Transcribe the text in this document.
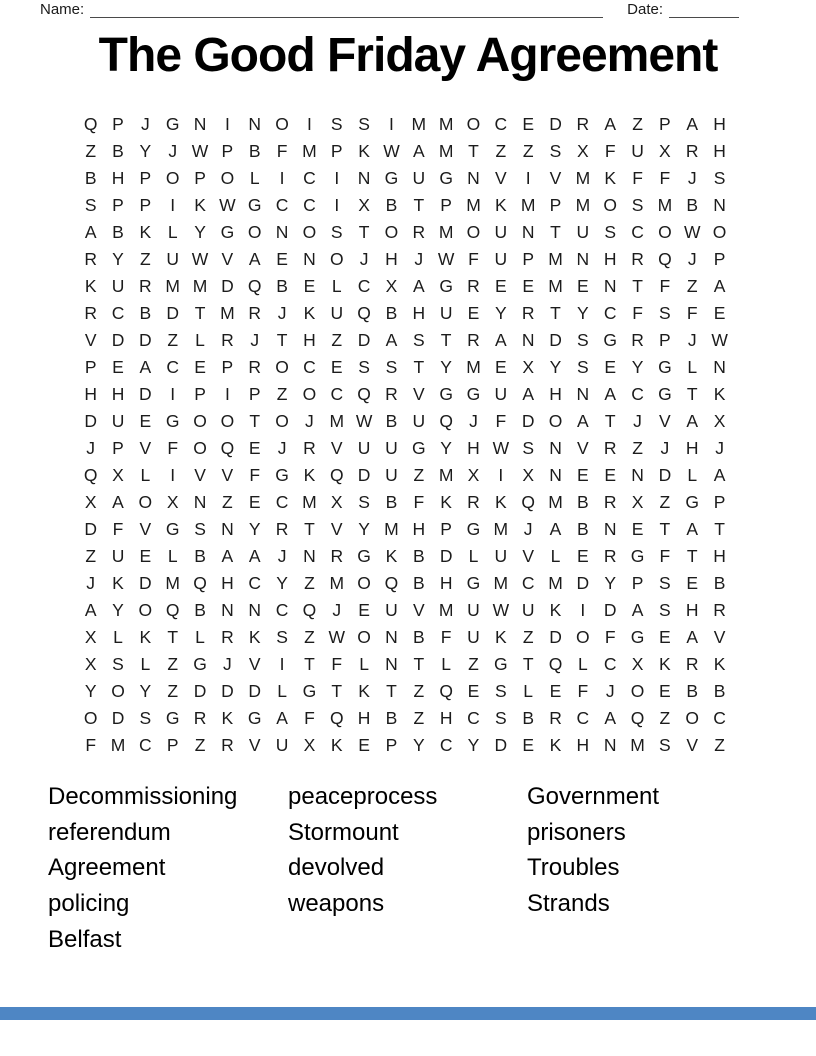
Name:	Date:
The Good Friday Agreement
Q P J G N	I	N O	I	S S	I	M M O C E D R A Z P A H
Z B Y J W P B F M P K W A M T Z Z S X F U X R H
B H P O P O L	I	C	I	N G U G N V	I	V M K F F	J S
S P P	I	K W G C C	I	X B T P M K M P M O S M B N
A B K L Y G O N O S T O R M O U N T U S C O W O
R Y Z U W V A E N O J H J W F U P M N H R Q J P
K U R M M D Q B E L C X A G R E E M E N T F Z A
R C B D T M R J K U Q B H U E Y R T Y C F S F E
V D D Z L R J	T H Z D A S T R A N D S G R P J W
P E A C E P R O C E S S T Y M E X Y S E Y G L N
H H D	I	P	I	P Z O C Q R V G G U A H N A C G T K
D U E G O O T O J M W B U Q J	F D O A T	J V A X
J P V F O Q E J R V U U G Y H W S N V R Z	J H J
Q X L	I	V V F G K Q D U Z M X	I	X N E E N D L A
X A O X N Z E C M X S B F K R K Q M B R X Z G P
D F V G S N Y R T V Y M H P G M J A B N E T A T
Z U E L B A A J N R G K B D L U V L E R G F T H
J K D M Q H C Y Z M O Q B H G M C M D Y P S E B
A Y O Q B N N C Q J E U V M U W U K	I	D A S H R
X L K T L R K S Z W O N B F U K Z D O F G E A V
X S L Z G J V	I	T F L N T L Z G T Q L C X K R K
Y O Y Z D D D L G T K T Z Q E S L E F	J O E B B
O D S G R K G A F Q H B Z H C S B R C A Q Z O C
F M C P Z R V U X K E P Y C Y D E K H N M S V Z
Decommissioning
referendum
Agreement
policing
Belfast
peaceprocess
Stormount
devolved
weapons
Government
prisoners
Troubles
Strands
